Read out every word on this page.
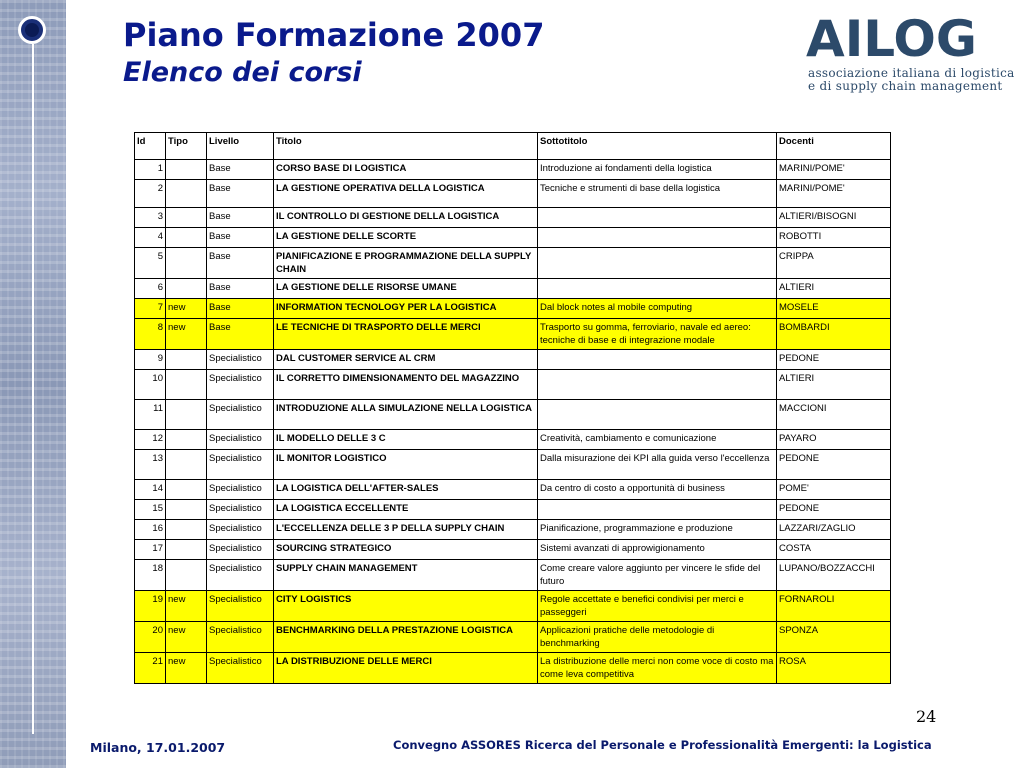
Piano Formazione 2007
Elenco dei corsi
AILOG
associazione italiana di logistica
e di supply chain management
Id	Tipo	Livello	Titolo	Sottotitolo	Docenti
1		Base	CORSO BASE DI LOGISTICA	Introduzione ai fondamenti della logistica	MARINI/POME'
2		Base	LA GESTIONE OPERATIVA DELLA LOGISTICA	Tecniche e strumenti di base della logistica	MARINI/POME'
3		Base	IL CONTROLLO DI GESTIONE DELLA LOGISTICA		ALTIERI/BISOGNI
4		Base	LA GESTIONE DELLE SCORTE		ROBOTTI
5		Base	PIANIFICAZIONE E PROGRAMMAZIONE DELLA SUPPLY CHAIN		CRIPPA
6		Base	LA GESTIONE DELLE RISORSE UMANE		ALTIERI
7	new	Base	INFORMATION TECNOLOGY PER LA LOGISTICA	Dal block notes al mobile computing	MOSELE
8	new	Base	LE TECNICHE DI TRASPORTO DELLE MERCI	Trasporto su gomma, ferroviario, navale ed aereo: tecniche di base e di integrazione modale	BOMBARDI
9		Specialistico	DAL CUSTOMER SERVICE AL CRM		PEDONE
10		Specialistico	IL CORRETTO DIMENSIONAMENTO DEL MAGAZZINO		ALTIERI
11		Specialistico	INTRODUZIONE ALLA SIMULAZIONE NELLA LOGISTICA		MACCIONI
12		Specialistico	IL MODELLO DELLE 3 C	Creatività, cambiamento e comunicazione	PAYARO
13		Specialistico	IL MONITOR LOGISTICO	Dalla misurazione dei KPI alla guida verso l'eccellenza	PEDONE
14		Specialistico	LA LOGISTICA DELL'AFTER-SALES	Da centro di costo a opportunità di business	POME'
15		Specialistico	LA LOGISTICA ECCELLENTE		PEDONE
16		Specialistico	L'ECCELLENZA DELLE 3 P DELLA SUPPLY CHAIN	Pianificazione, programmazione e produzione	LAZZARI/ZAGLIO
17		Specialistico	SOURCING STRATEGICO	Sistemi avanzati di approwigionamento	COSTA
18		Specialistico	SUPPLY CHAIN MANAGEMENT	Come creare valore aggiunto per vincere le sfide del futuro	LUPANO/BOZZACCHI
19	new	Specialistico	CITY LOGISTICS	Regole accettate e benefici condivisi per merci e passeggeri	FORNAROLI
20	new	Specialistico	BENCHMARKING DELLA PRESTAZIONE LOGISTICA	Applicazioni pratiche delle metodologie di benchmarking	SPONZA
21	new	Specialistico	LA DISTRIBUZIONE DELLE MERCI	La distribuzione delle merci non come voce di costo ma come leva competitiva	ROSA
24
Milano, 17.01.2007	Convegno ASSORES Ricerca del Personale e Professionalità Emergenti: la Logistica
